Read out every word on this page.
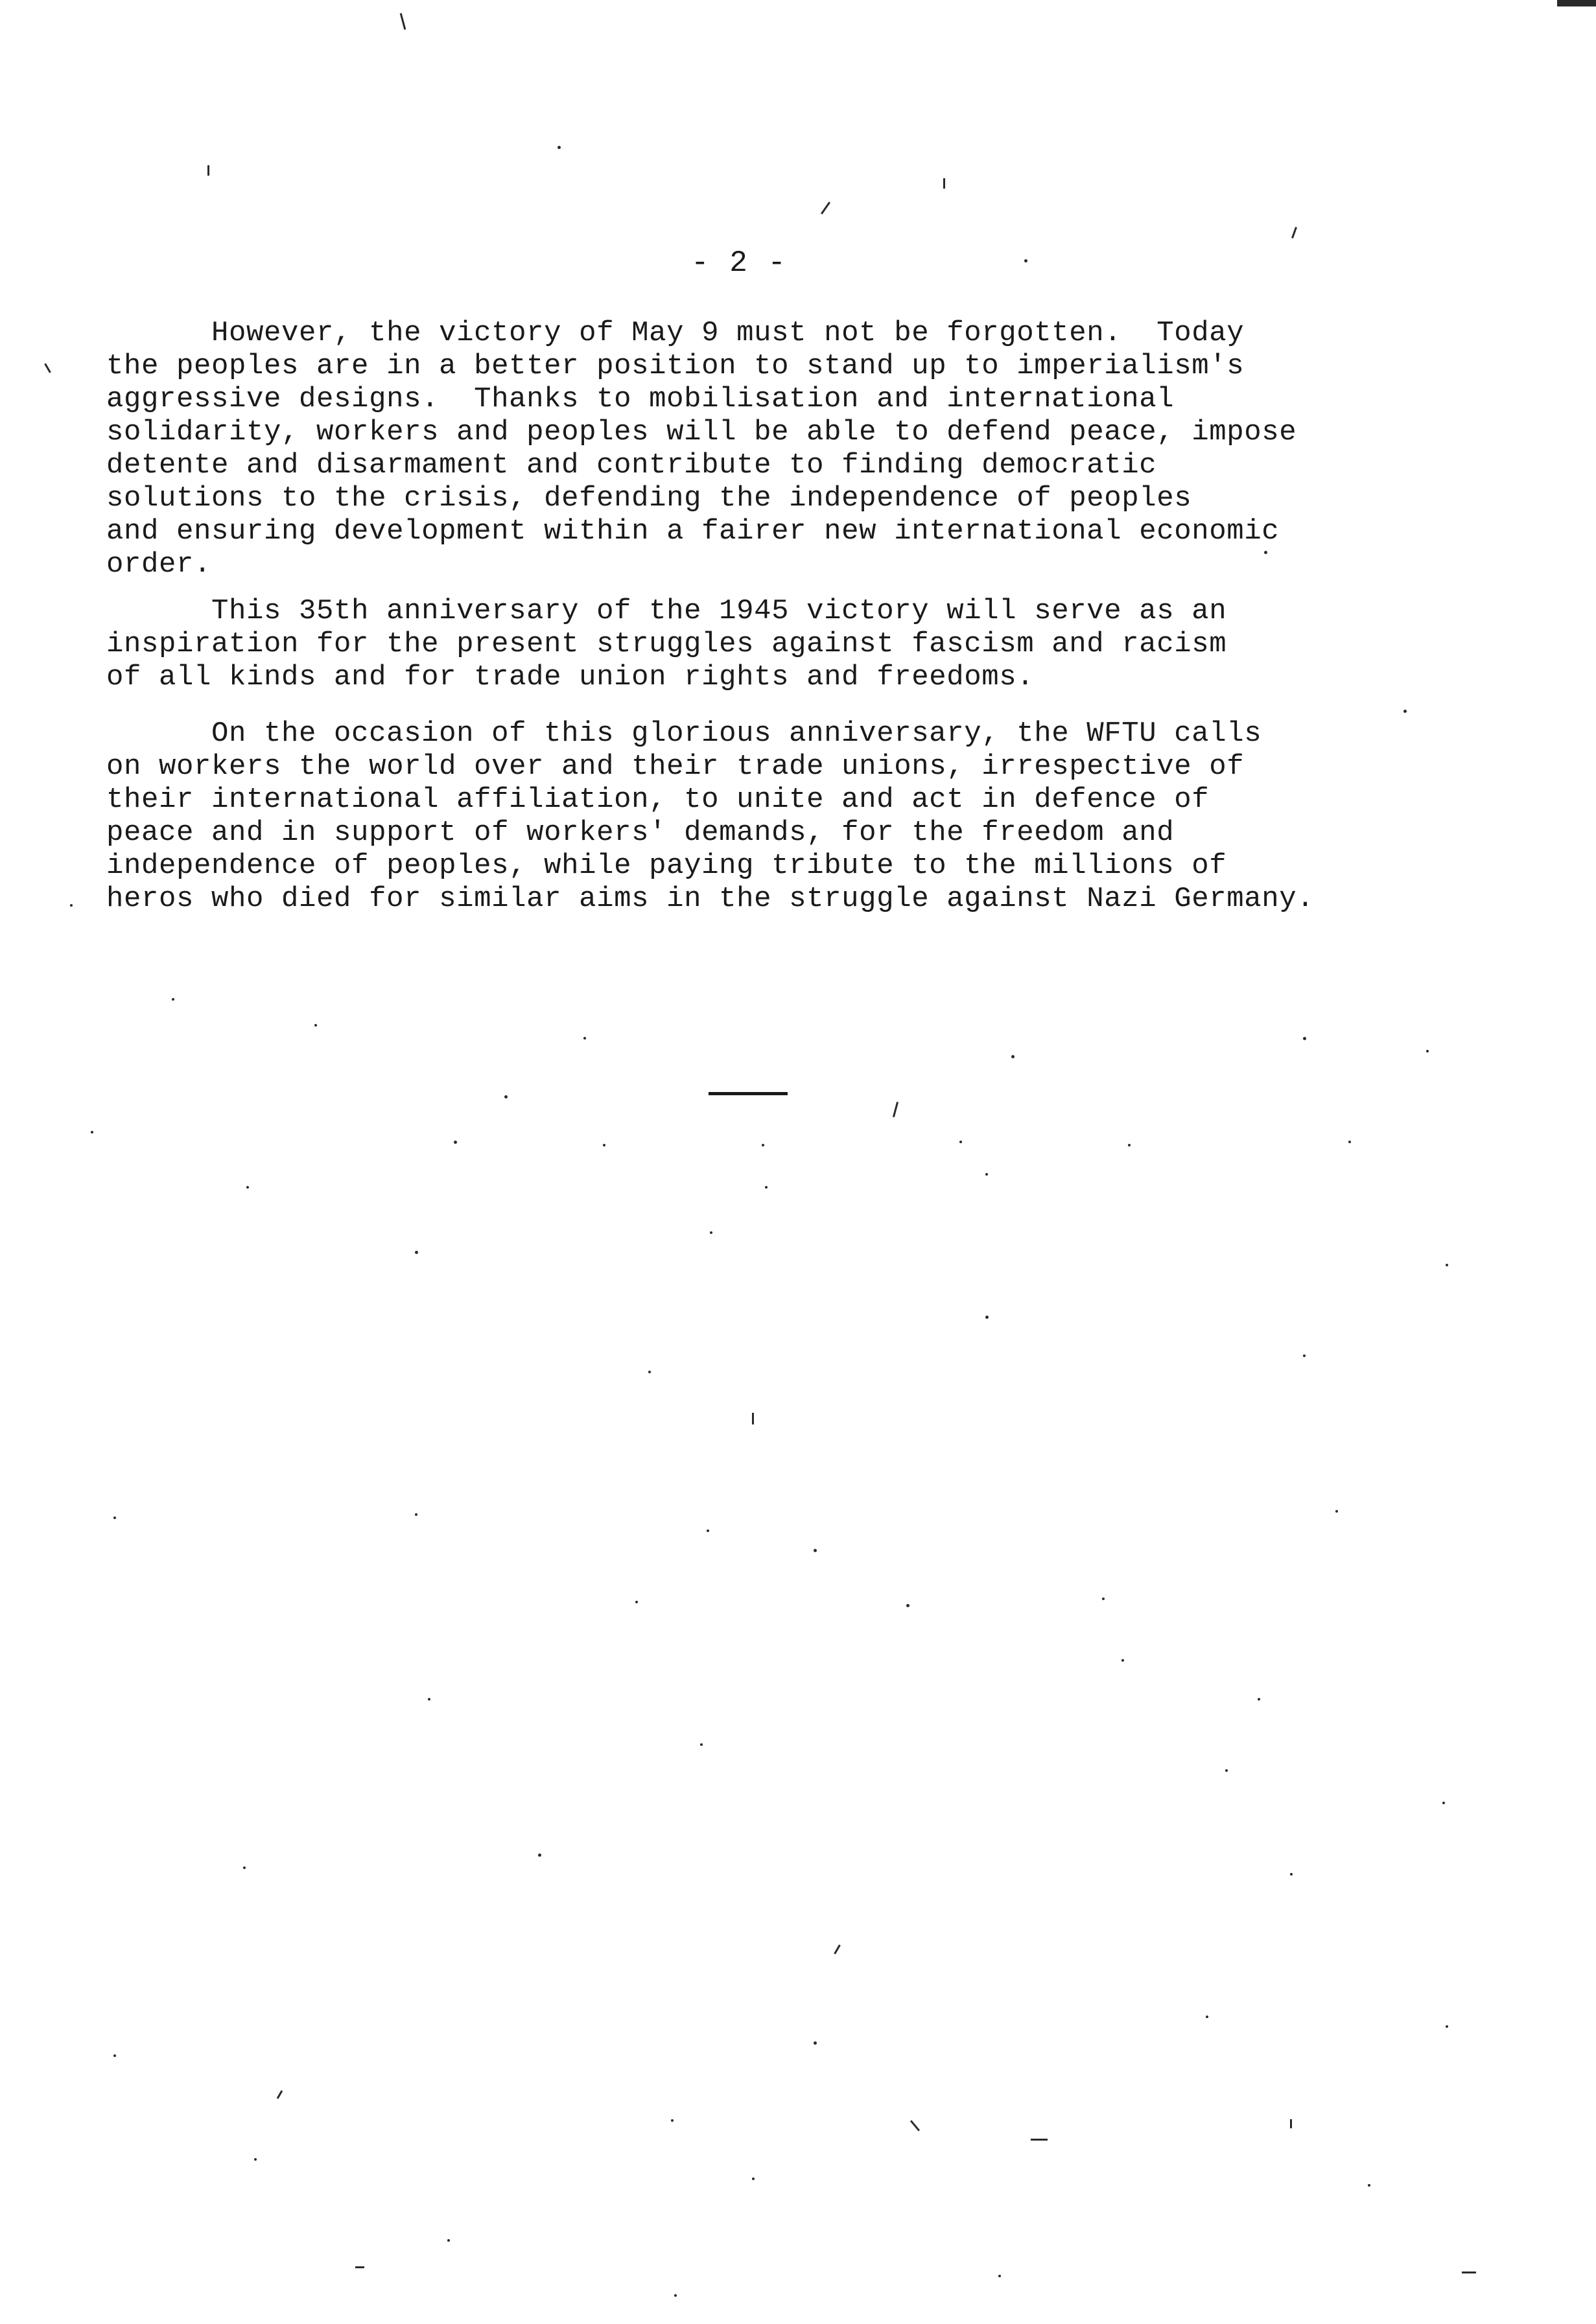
- 2 -
However, the victory of May 9 must not be forgotten.  Today
the peoples are in a better position to stand up to imperialism's
aggressive designs.  Thanks to mobilisation and international
solidarity, workers and peoples will be able to defend peace, impose
detente and disarmament and contribute to finding democratic
solutions to the crisis, defending the independence of peoples
and ensuring development within a fairer new international economic
order.
This 35th anniversary of the 1945 victory will serve as an
inspiration for the present struggles against fascism and racism
of all kinds and for trade union rights and freedoms.
On the occasion of this glorious anniversary, the WFTU calls
on workers the world over and their trade unions, irrespective of
their international affiliation, to unite and act in defence of
peace and in support of workers' demands, for the freedom and
independence of peoples, while paying tribute to the millions of
heros who died for similar aims in the struggle against Nazi Germany.
